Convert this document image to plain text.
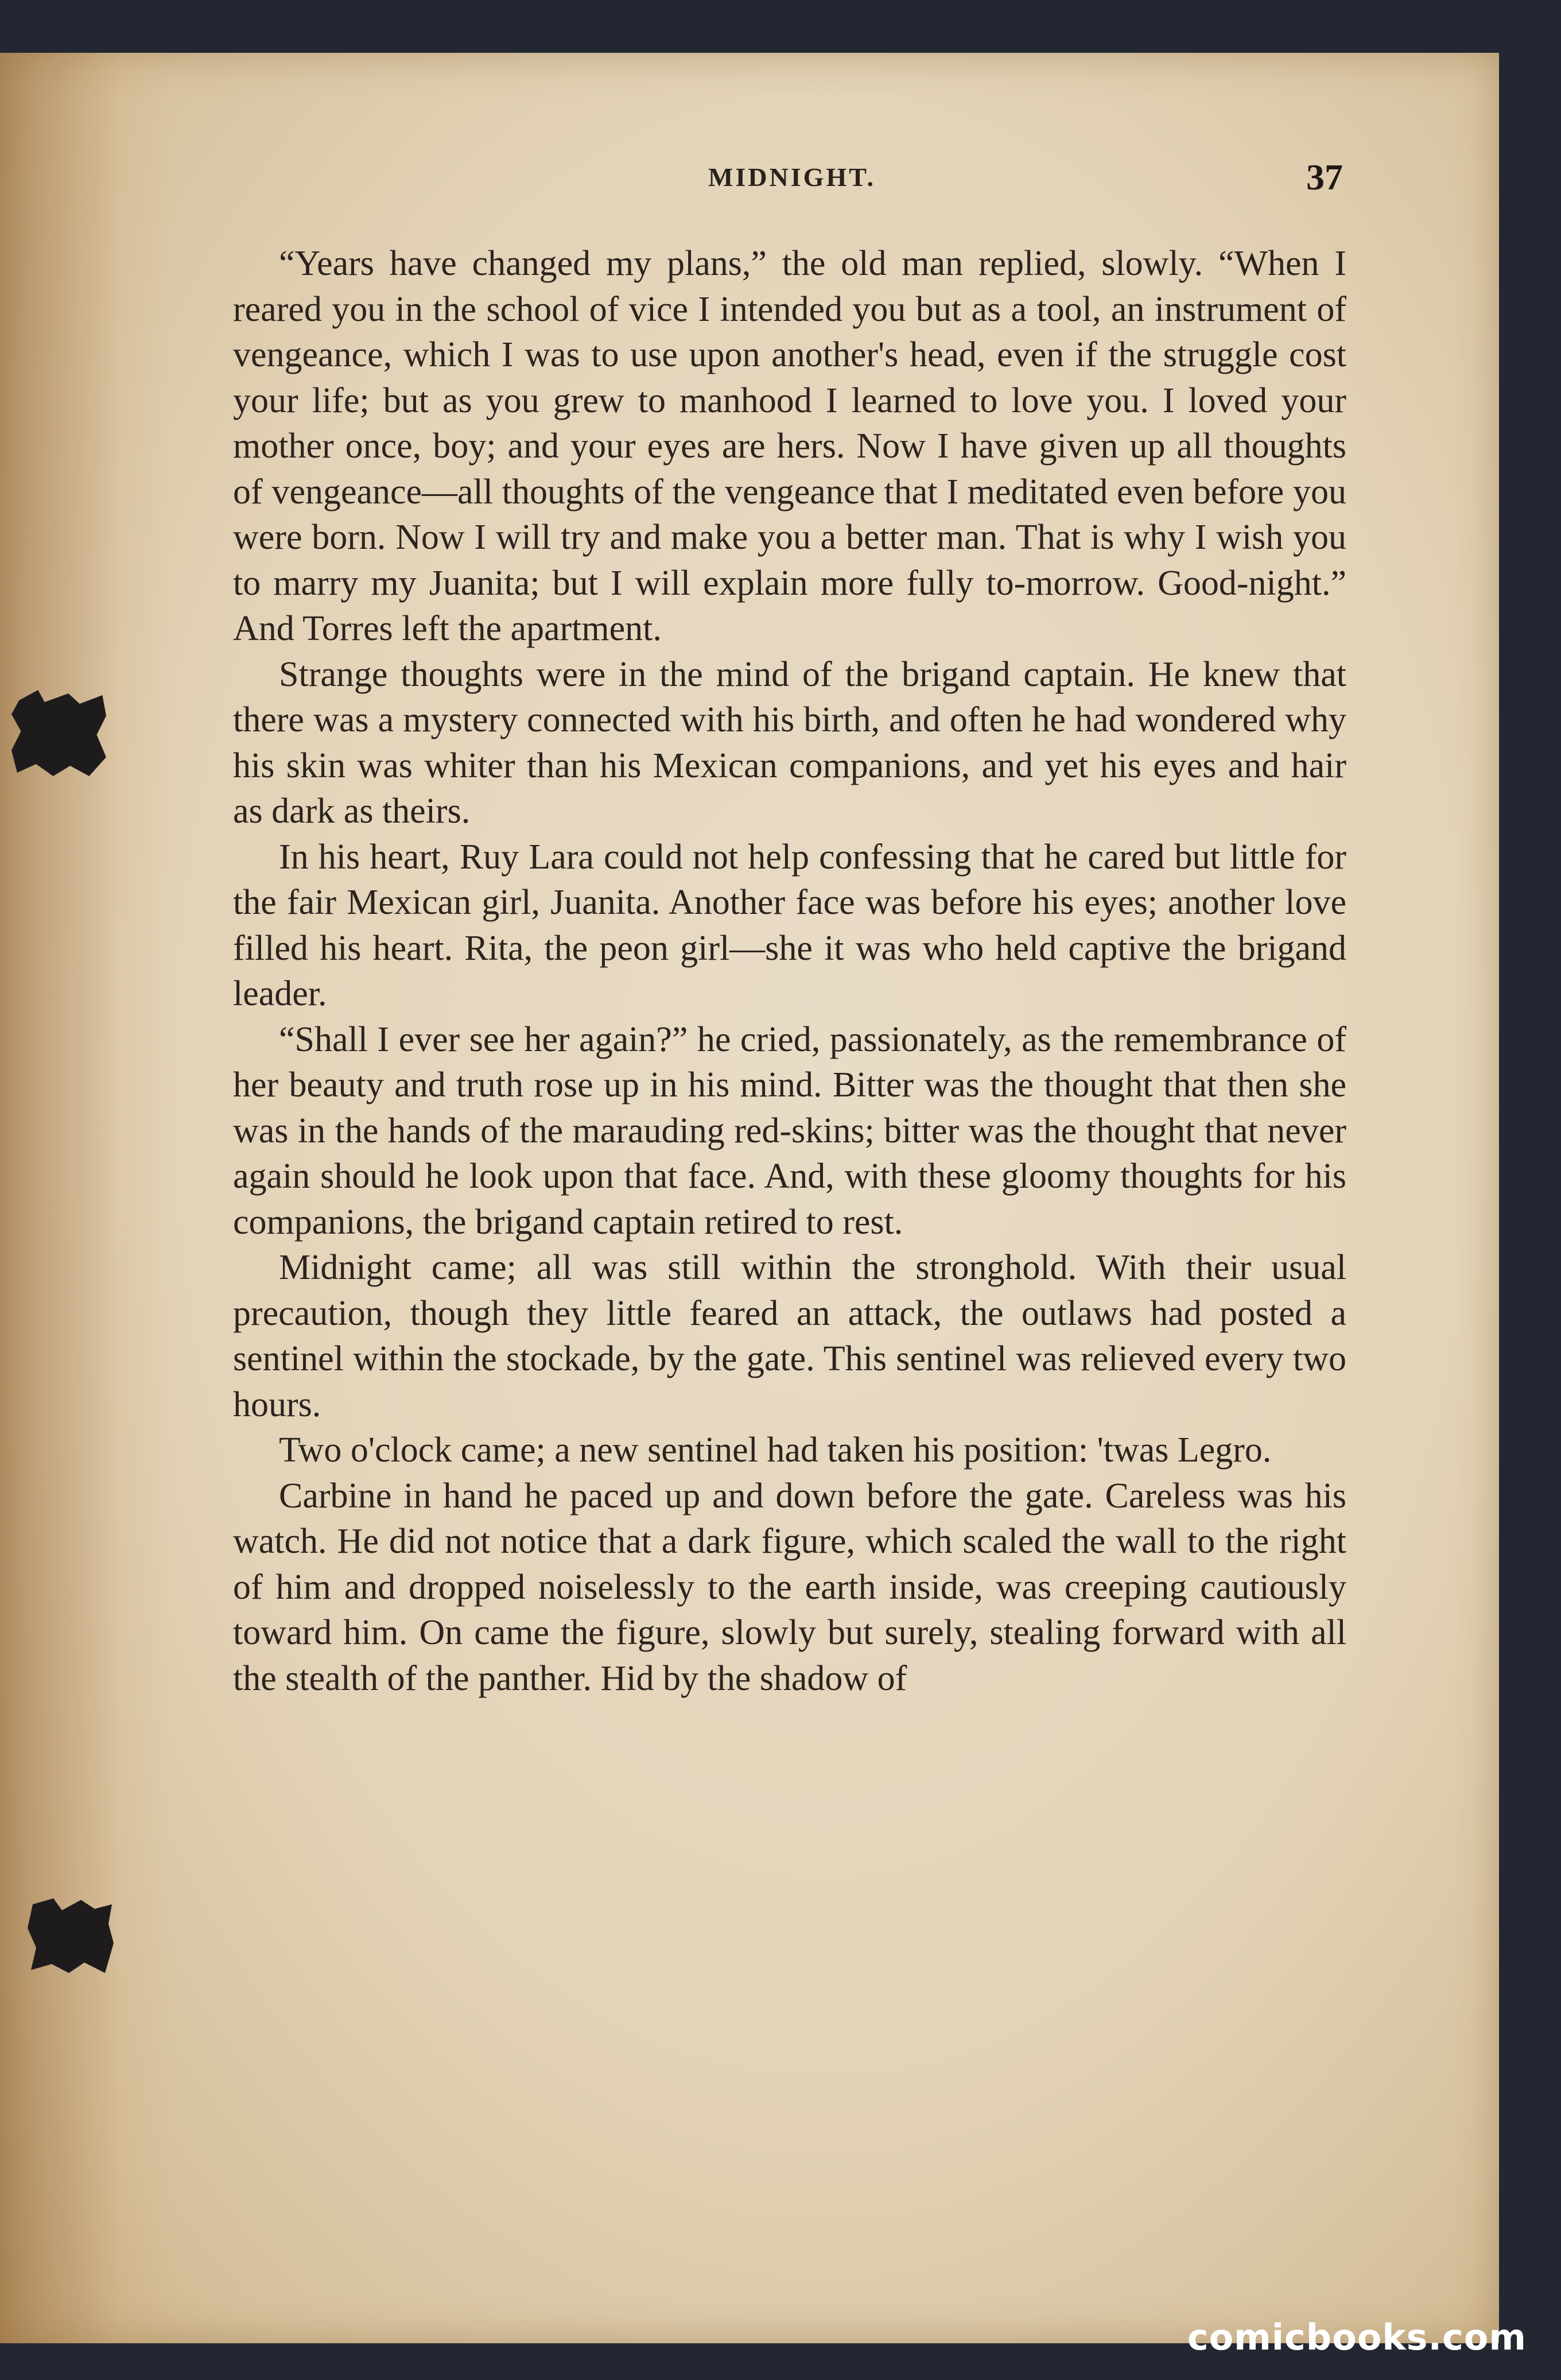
MIDNIGHT.	37

“Years have changed my plans,” the old man replied, slowly. “When I reared you in the school of vice I intended you but as a tool, an instrument of vengeance, which I was to use upon another's head, even if the struggle cost your life; but as you grew to manhood I learned to love you. I loved your mother once, boy; and your eyes are hers. Now I have given up all thoughts of vengeance—all thoughts of the vengeance that I meditated even before you were born. Now I will try and make you a better man. That is why I wish you to marry my Juanita; but I will explain more fully to-morrow. Good-night.” And Torres left the apartment.

Strange thoughts were in the mind of the brigand captain. He knew that there was a mystery connected with his birth, and often he had wondered why his skin was whiter than his Mexican companions, and yet his eyes and hair as dark as theirs.

In his heart, Ruy Lara could not help confessing that he cared but little for the fair Mexican girl, Juanita. Another face was before his eyes; another love filled his heart. Rita, the peon girl—she it was who held captive the brigand leader.

“Shall I ever see her again?” he cried, passionately, as the remembrance of her beauty and truth rose up in his mind. Bitter was the thought that then she was in the hands of the marauding red-skins; bitter was the thought that never again should he look upon that face. And, with these gloomy thoughts for his companions, the brigand captain retired to rest.

Midnight came; all was still within the stronghold. With their usual precaution, though they little feared an attack, the outlaws had posted a sentinel within the stockade, by the gate. This sentinel was relieved every two hours.

Two o'clock came; a new sentinel had taken his position: 'twas Legro.

Carbine in hand he paced up and down before the gate. Careless was his watch. He did not notice that a dark figure, which scaled the wall to the right of him and dropped noiselessly to the earth inside, was creeping cautiously toward him. On came the figure, slowly but surely, stealing forward with all the stealth of the panther. Hid by the shadow of

comicbooks.com
